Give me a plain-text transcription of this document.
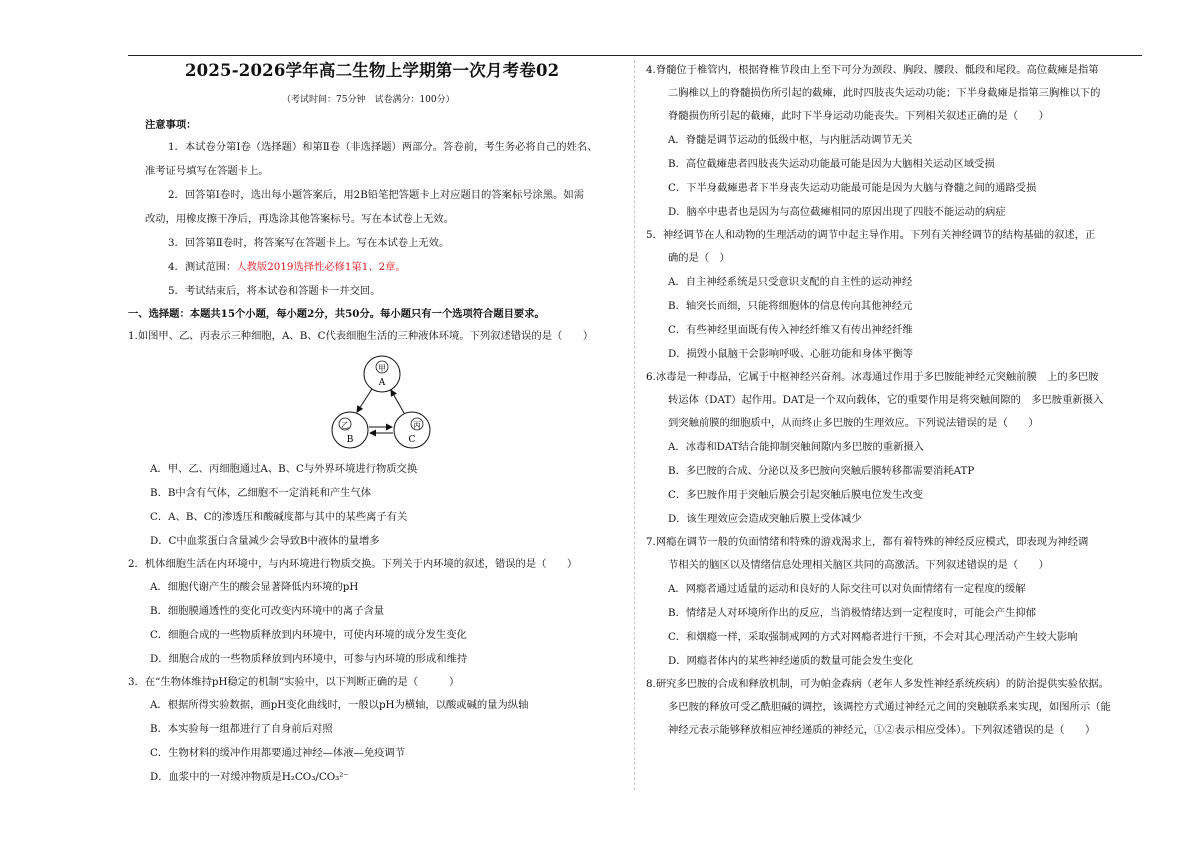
2025-2026学年高二生物上学期第一次月考卷02
（考试时间：75分钟　试卷满分：100分）
注意事项：
1．本试卷分第Ⅰ卷（选择题）和第Ⅱ卷（非选择题）两部分。答卷前，考生务必将自己的姓名、
准考证号填写在答题卡上。
2．回答第Ⅰ卷时，选出每小题答案后，用2B铅笔把答题卡上对应题目的答案标号涂黑。如需
改动，用橡皮擦干净后，再选涂其他答案标号。写在本试卷上无效。
3．回答第Ⅱ卷时，将答案写在答题卡上。写在本试卷上无效。
4．测试范围：人教版2019选择性必修1第1、2章。
5．考试结束后，将本试卷和答题卡一并交回。
一、选择题：本题共15个小题，每小题2分，共50分。每小题只有一个选项符合题目要求。
1.如图甲、乙、丙表示三种细胞，A、B、C代表细胞生活的三种液体环境。下列叙述错误的是（　　）
甲
A
乙
B
丙
C
A．甲、乙、丙细胞通过A、B、C与外界环境进行物质交换
B．B中含有气体，乙细胞不一定消耗和产生气体
C．A、B、C的渗透压和酸碱度都与其中的某些离子有关
D．C中血浆蛋白含量减少会导致B中液体的量增多
2．机体细胞生活在内环境中，与内环境进行物质交换。下列关于内环境的叙述，错误的是（　　）
A．细胞代谢产生的酸会显著降低内环境的pH
B．细胞膜通透性的变化可改变内环境中的离子含量
C．细胞合成的一些物质释放到内环境中，可使内环境的成分发生变化
D．细胞合成的一些物质释放到内环境中，可参与内环境的形成和维持
3．在“生物体维持pH稳定的机制”实验中，以下判断正确的是（　　　）
A．根据所得实验数据，画pH变化曲线时，一般以pH为横轴，以酸或碱的量为纵轴
B．本实验每一组都进行了自身前后对照
C．生物材料的缓冲作用都要通过神经—体液—免疫调节
D．血浆中的一对缓冲物质是H₂CO₃/CO₃²⁻
4.脊髓位于椎管内，根据脊椎节段由上至下可分为颈段、胸段、腰段、骶段和尾段。高位截瘫是指第
二胸椎以上的脊髓损伤所引起的截瘫，此时四肢丧失运动功能；下半身截瘫是指第三胸椎以下的
脊髓损伤所引起的截瘫，此时下半身运动功能丧失。下列相关叙述正确的是（　　）
A．脊髓是调节运动的低级中枢，与内脏活动调节无关
B．高位截瘫患者四肢丧失运动功能最可能是因为大脑相关运动区域受损
C．下半身截瘫患者下半身丧失运动功能最可能是因为大脑与脊髓之间的通路受损
D．脑卒中患者也是因为与高位截瘫相同的原因出现了四肢不能运动的病症
5．神经调节在人和动物的生理活动的调节中起主导作用。下列有关神经调节的结构基础的叙述，正
确的是（　）
A．自主神经系统是只受意识支配的自主性的运动神经
B．轴突长而细，只能将细胞体的信息传向其他神经元
C．有些神经里面既有传入神经纤维又有传出神经纤维
D．损毁小鼠脑干会影响呼吸、心脏功能和身体平衡等
6.冰毒是一种毒品，它属于中枢神经兴奋剂。冰毒通过作用于多巴胺能神经元突触前膜　上的多巴胺
转运体（DAT）起作用。DAT是一个双向载体，它的重要作用是将突触间隙的　多巴胺重新摄入
到突触前膜的细胞质中，从而终止多巴胺的生理效应。下列说法错误的是（　　）
A．冰毒和DAT结合能抑制突触间隙内多巴胺的重新摄入
B．多巴胺的合成、分泌以及多巴胺向突触后膜转移都需要消耗ATP
C．多巴胺作用于突触后膜会引起突触后膜电位发生改变
D．该生理效应会造成突触后膜上受体减少
7.网瘾在调节一般的负面情绪和特殊的游戏渴求上，都有着特殊的神经反应模式，即表现为神经调
节相关的脑区以及情绪信息处理相关脑区共同的高激活。下列叙述错误的是（　　）
A．网瘾者通过适量的运动和良好的人际交往可以对负面情绪有一定程度的缓解
B．情绪是人对环境所作出的反应，当消极情绪达到一定程度时，可能会产生抑郁
C．和烟瘾一样，采取强制戒网的方式对网瘾者进行干预，不会对其心理活动产生较大影响
D．网瘾者体内的某些神经递质的数量可能会发生变化
8.研究多巴胺的合成和释放机制，可为帕金森病（老年人多发性神经系统疾病）的防治提供实验依据。
多巴胺的释放可受乙酰胆碱的调控，该调控方式通过神经元之间的突触联系来实现，如图所示（能
神经元表示能够释放相应神经递质的神经元，①②表示相应受体）。下列叙述错误的是（　　）
